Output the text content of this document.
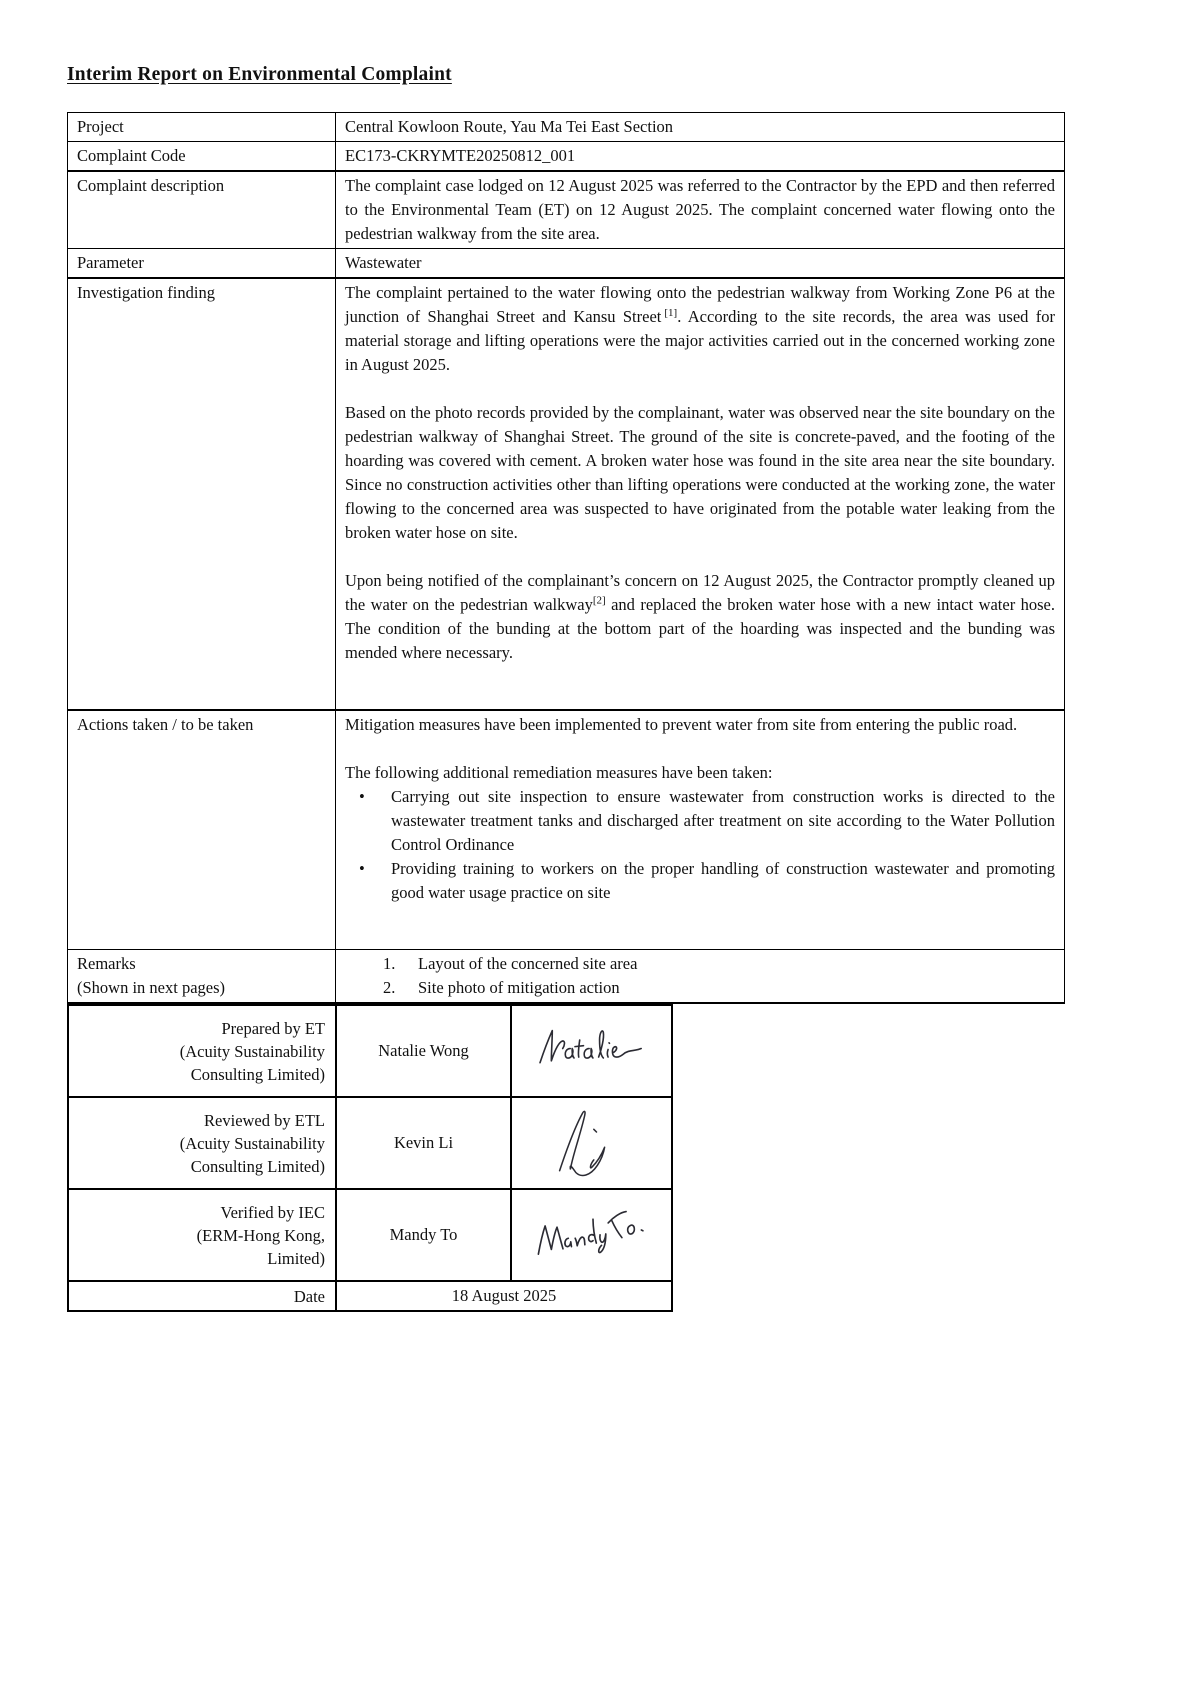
Interim Report on Environmental Complaint
Project	Central Kowloon Route, Yau Ma Tei East Section
Complaint Code	EC173-CKRYMTE20250812_001
Complaint description	The complaint case lodged on 12 August 2025 was referred to the Contractor by the EPD and then referred to the Environmental Team (ET) on 12 August 2025. The complaint concerned water flowing onto the pedestrian walkway from the site area.
Parameter	Wastewater
Investigation finding	The complaint pertained to the water flowing onto the pedestrian walkway from Working Zone P6 at the junction of Shanghai Street and Kansu Street [1]. According to the site records, the area was used for material storage and lifting operations were the major activities carried out in the concerned working zone in August 2025.

Based on the photo records provided by the complainant, water was observed near the site boundary on the pedestrian walkway of Shanghai Street. The ground of the site is concrete-paved, and the footing of the hoarding was covered with cement. A broken water hose was found in the site area near the site boundary. Since no construction activities other than lifting operations were conducted at the working zone, the water flowing to the concerned area was suspected to have originated from the potable water leaking from the broken water hose on site.

Upon being notified of the complainant’s concern on 12 August 2025, the Contractor promptly cleaned up the water on the pedestrian walkway[2] and replaced the broken water hose with a new intact water hose. The condition of the bunding at the bottom part of the hoarding was inspected and the bunding was mended where necessary.

Actions taken / to be taken	Mitigation measures have been implemented to prevent water from site from entering the public road.

The following additional remediation measures have been taken:

• Carrying out site inspection to ensure wastewater from construction works is directed to the wastewater treatment tanks and discharged after treatment on site according to the Water Pollution Control Ordinance
• Providing training to workers on the proper handling of construction wastewater and promoting good water usage practice on site

Remarks
(Shown in next pages)

1.	Layout of the concerned site area
2.	Site photo of mitigation action
Prepared by ET
(Acuity Sustainability
Consulting Limited)	Natalie Wong	

Reviewed by ETL
(Acuity Sustainability
Consulting Limited)	Kevin Li	

Verified by IEC
(ERM-Hong Kong,
Limited)	Mandy To	
Date	18 August 2025	
